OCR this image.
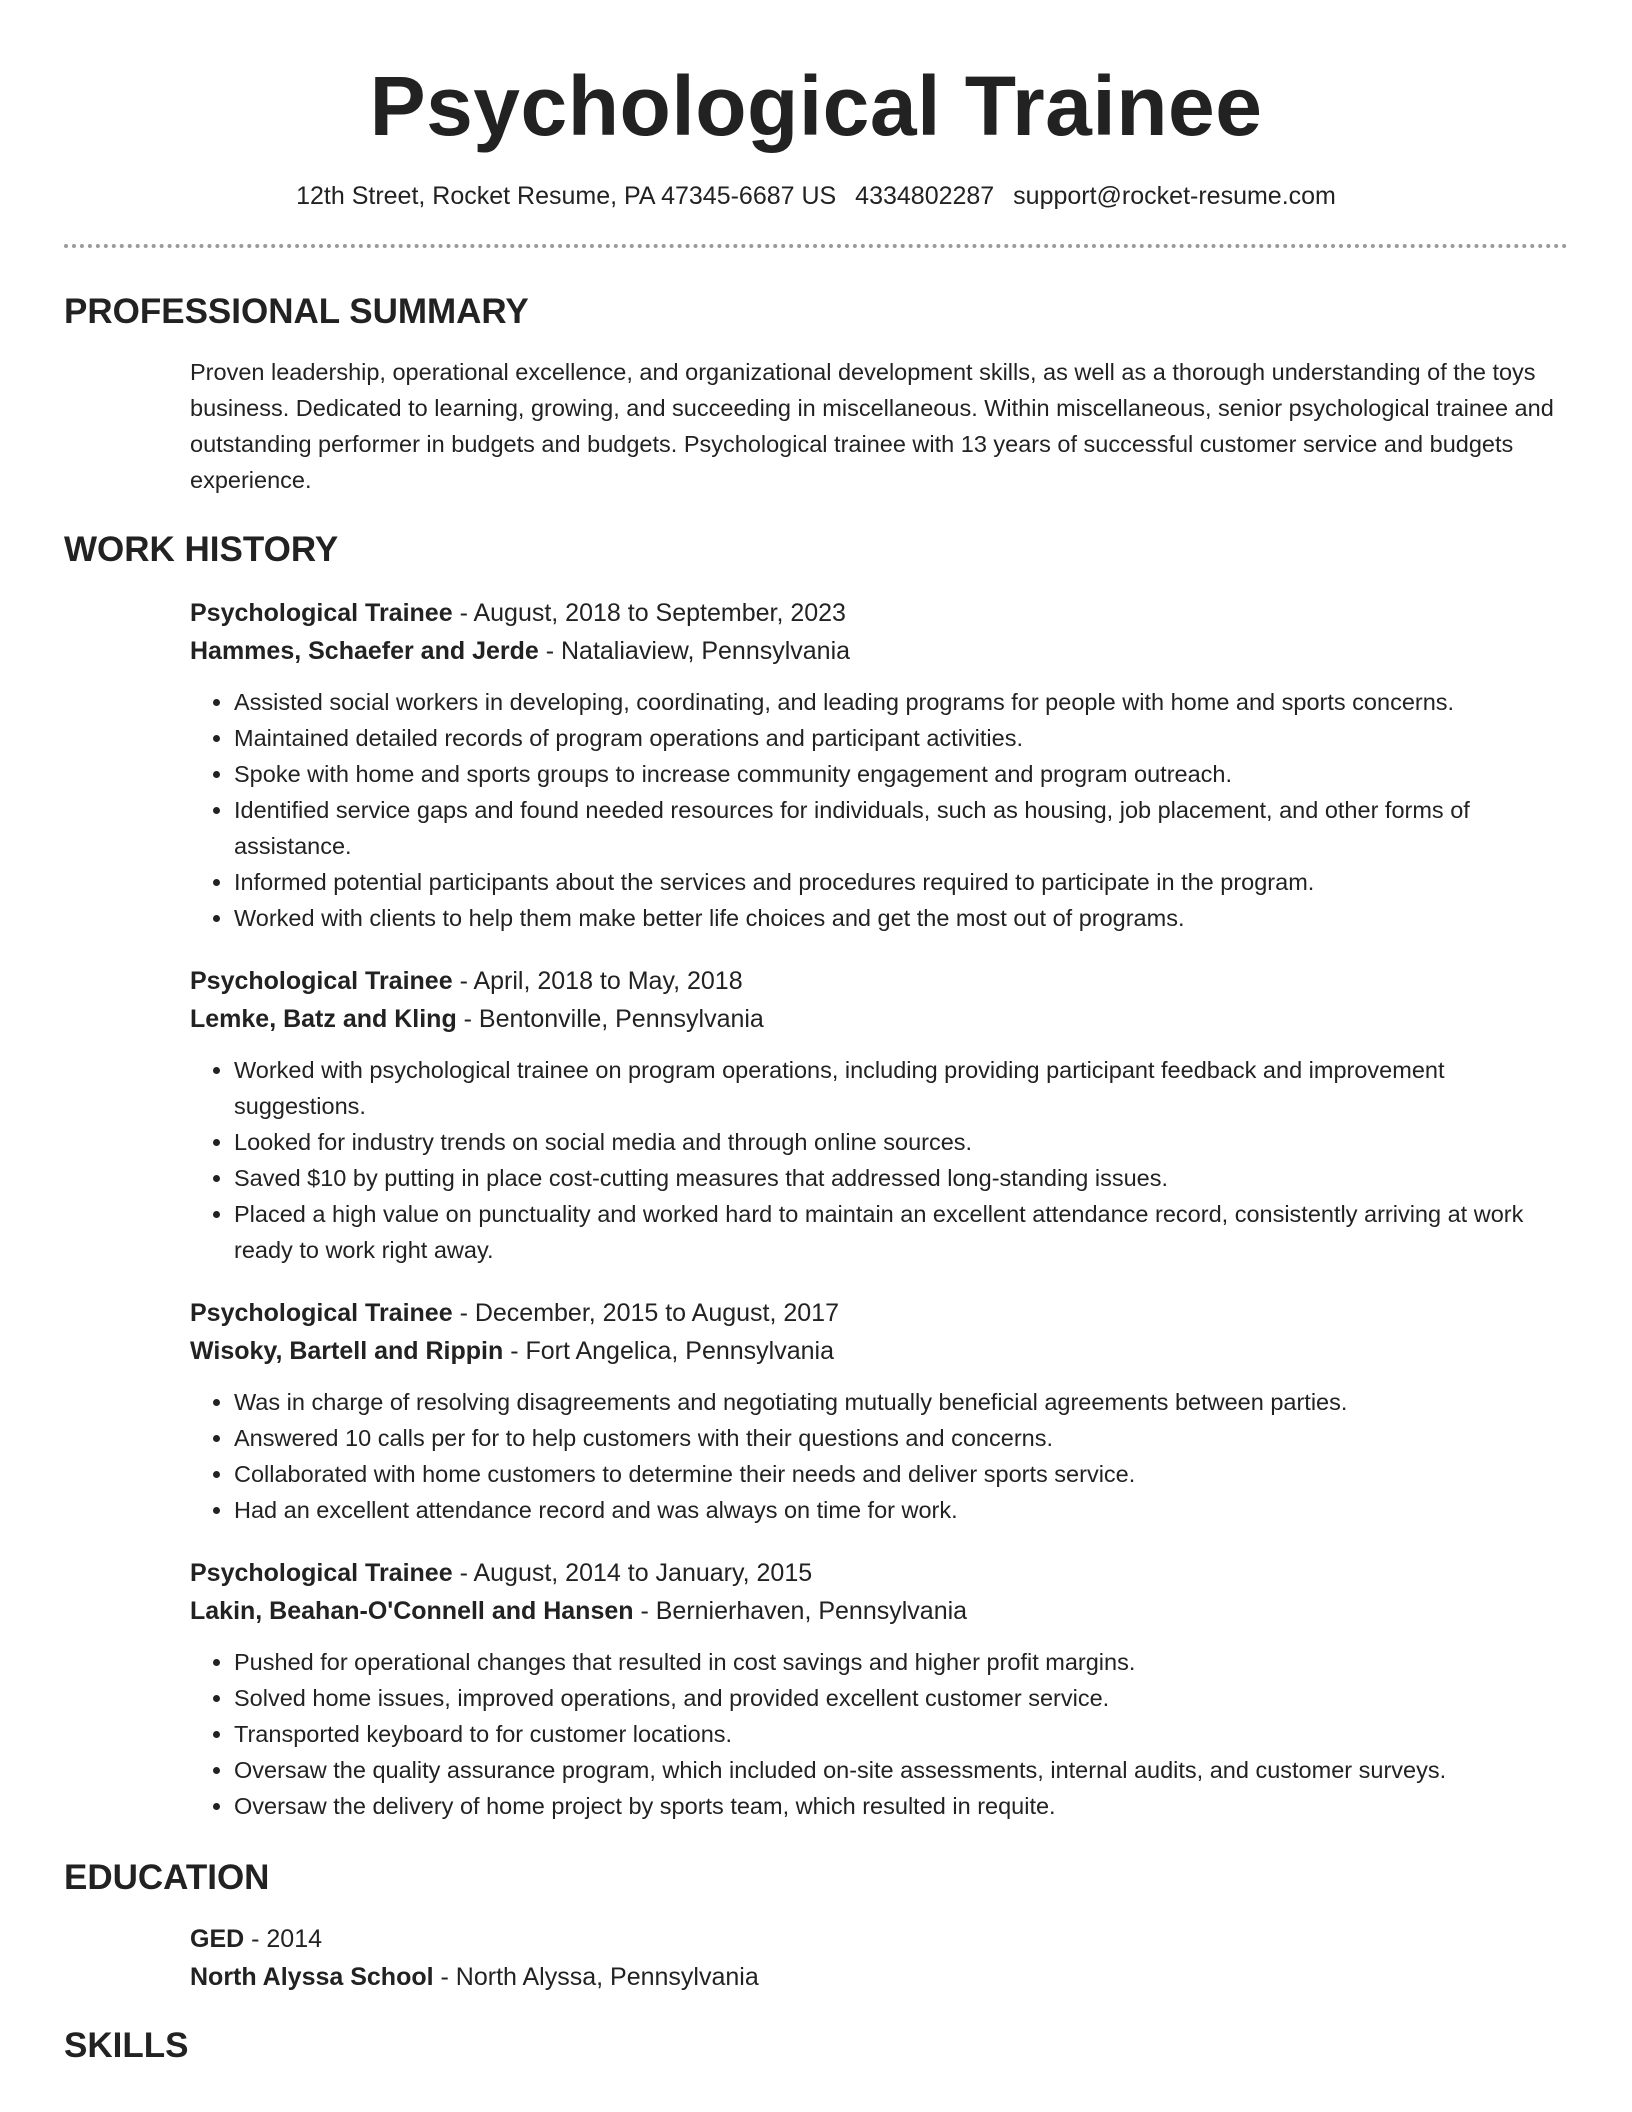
Psychological Trainee
12th Street, Rocket Resume, PA 47345-6687 US 4334802287 support@rocket-resume.com
PROFESSIONAL SUMMARY

Proven leadership, operational excellence, and organizational development skills, as well as a thorough understanding of the toys business. Dedicated to learning, growing, and succeeding in miscellaneous. Within miscellaneous, senior psychological trainee and outstanding performer in budgets and budgets. Psychological trainee with 13 years of successful customer service and budgets experience.

WORK HISTORY

Psychological Trainee - August, 2018 to September, 2023

Hammes, Schaefer and Jerde - Nataliaview, Pennsylvania

• Assisted social workers in developing, coordinating, and leading programs for people with home and sports concerns.
• Maintained detailed records of program operations and participant activities.
• Spoke with home and sports groups to increase community engagement and program outreach.
• Identified service gaps and found needed resources for individuals, such as housing, job placement, and other forms of assistance.
• Informed potential participants about the services and procedures required to participate in the program.
• Worked with clients to help them make better life choices and get the most out of programs.

Psychological Trainee - April, 2018 to May, 2018

Lemke, Batz and Kling - Bentonville, Pennsylvania

• Worked with psychological trainee on program operations, including providing participant feedback and improvement suggestions.
• Looked for industry trends on social media and through online sources.
• Saved $10 by putting in place cost-cutting measures that addressed long-standing issues.
• Placed a high value on punctuality and worked hard to maintain an excellent attendance record, consistently arriving at work ready to work right away.

Psychological Trainee - December, 2015 to August, 2017

Wisoky, Bartell and Rippin - Fort Angelica, Pennsylvania

• Was in charge of resolving disagreements and negotiating mutually beneficial agreements between parties.
• Answered 10 calls per for to help customers with their questions and concerns.
• Collaborated with home customers to determine their needs and deliver sports service.
• Had an excellent attendance record and was always on time for work.

Psychological Trainee - August, 2014 to January, 2015

Lakin, Beahan-O'Connell and Hansen - Bernierhaven, Pennsylvania

• Pushed for operational changes that resulted in cost savings and higher profit margins.
• Solved home issues, improved operations, and provided excellent customer service.
• Transported keyboard to for customer locations.
• Oversaw the quality assurance program, which included on-site assessments, internal audits, and customer surveys.
• Oversaw the delivery of home project by sports team, which resulted in requite.
EDUCATION

GED - 2014

North Alyssa School - North Alyssa, Pennsylvania

SKILLS
